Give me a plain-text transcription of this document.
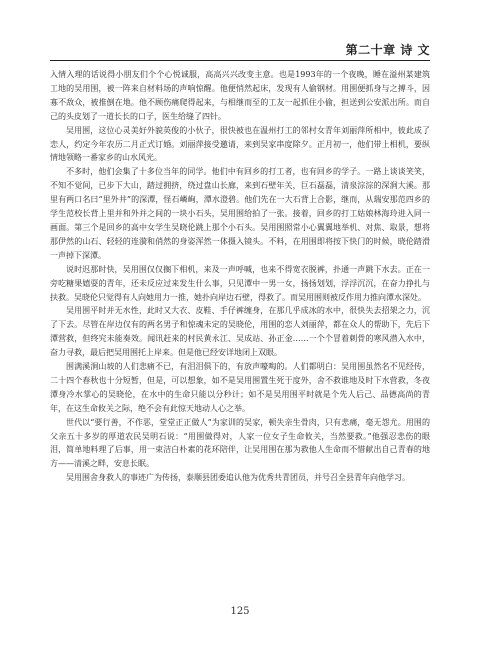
第二十章 诗 文

入情入理的话说得小朋友们个个心悦诚服，高高兴兴改变主意。也是1993年的一个夜晚，睡在溢州某建筑工地的吴用围，被一阵来自材料场的声响惊醒。他便悄然起床，发现有人偷钢材。用围便抓身与之搏斗，因寡不敌众，被推倒在地。他不顾伤痛爬得起来，与相继而至的工友一起抓住小偷，担送到公安派出所。而自己的头皮划了一道长长的口子，医生给缝了四针。

吴用围，这位心灵美好外貌英俊的小伙子，很快被也在温州打工的邻村女青年刘丽萍所相中，彼此成了恋人，约定今年农历二月正式订婚。刘丽萍接受邀请，来到吴家串度除夕。正月初一，他们带上相机，要纵情地领略一番家乡的山水风光。

不多时，他们会集了十多位当年的同学。他们中有回乡的打工者，也有回乡的学子。一路上谈谈笑笑，不知不觉间，已步下大山，踏过拥挤，绕过盘山长廊，来到石壁年关，巨石磊磊，清泉淙淙的深涧大溪。那里有两口名曰“里外井”的深潭，怪石嶙峋，潭水澄碧。他们先在一大石背上合影，继而，从瑞安那范四乡的学生范校长背上里并和外并之间的一块小石头，吴用围给拍了一张。接着，回乡的打工姑娘林海玲进入同一画面。第三个是回乡的高中女学生吴晓伦跳上那个小石头。吴用围照常小心翼翼地举机、对焦、取景，想将那伊然的山石、轻轻的连漪和俏然的身姿浑然一体摄入镜头。不料，在用围即将按下快门的时候，晓伦踏滑一声掉下深潭。

说时迟那时快，吴用围仅仅搁下相机，来及一声呼喊，也来不得宽衣脱裤，扑通一声跳下水去。正在一旁吃糖果嬉耍的青年，还未反应过来发生什么事，只见潭中一男一女，扬扬划划，浮浮沉沉，在奋力挣扎与扶救。吴晓伦只觉得有人向她用力一推，她扑向岸边石壁，得救了。而吴用围则被反作用力推向潭水深处。

吴用围平时并无水性，此时又大衣、皮鞋、手仔裤缠身，在那几乎成冰的水中，很快失去招架之力，沉了下去。尽管在岸边仅有的两名男子和惊魂未定的吴晓伦，用围的恋人刘丽萍，都在众人的帮助下，先后下潭营救，但终究未能奏效。闻讯赶来的村民黄永江、吴成站、孙正金……一个个冒着刺骨的寒风潜入水中，奋力寻救，最后把吴用围托上岸来。但是他已经安详地闭上双眼。

围满溪涧山坡的人们悲痛不已，有泪泪俱下的，有放声嚎啕的。人们都明白：吴用围虽然名不见经传，二十四个春秋也十分短暂，但是，可以想象，如不是吴用围置生死于度外，舍不救谁地及时下水营救，冬夜潭身冷水掌心的吴晓伦，在水中的生命只能以分秒计；如不是吴用围平时就是个先人后己、品德高尚的青年，在这生命攸关之际，绝不会有此惊天地动人心之举。

世代以“要行善，不作恶，堂堂正正做人”为家训的吴家，顿失亲生骨肉，只有悲痛，毫无怨尤。用围的父亲五十多岁的厚道农民吴明石说：“用围做得对，人家一位女子生命攸关，当然要救。”他强忍悲伤的眼泪，简单地料理了后事，用一束洁白朴素的花环陪伴，让吴用围在那为救他人生命而不惜献出自己青春的地方——清溪之畔，安息长眠。

吴用围舍身救人的事迹广为传扬，泰顺县团委追认他为优秀共青团员，并号召全县青年向他学习。

125
